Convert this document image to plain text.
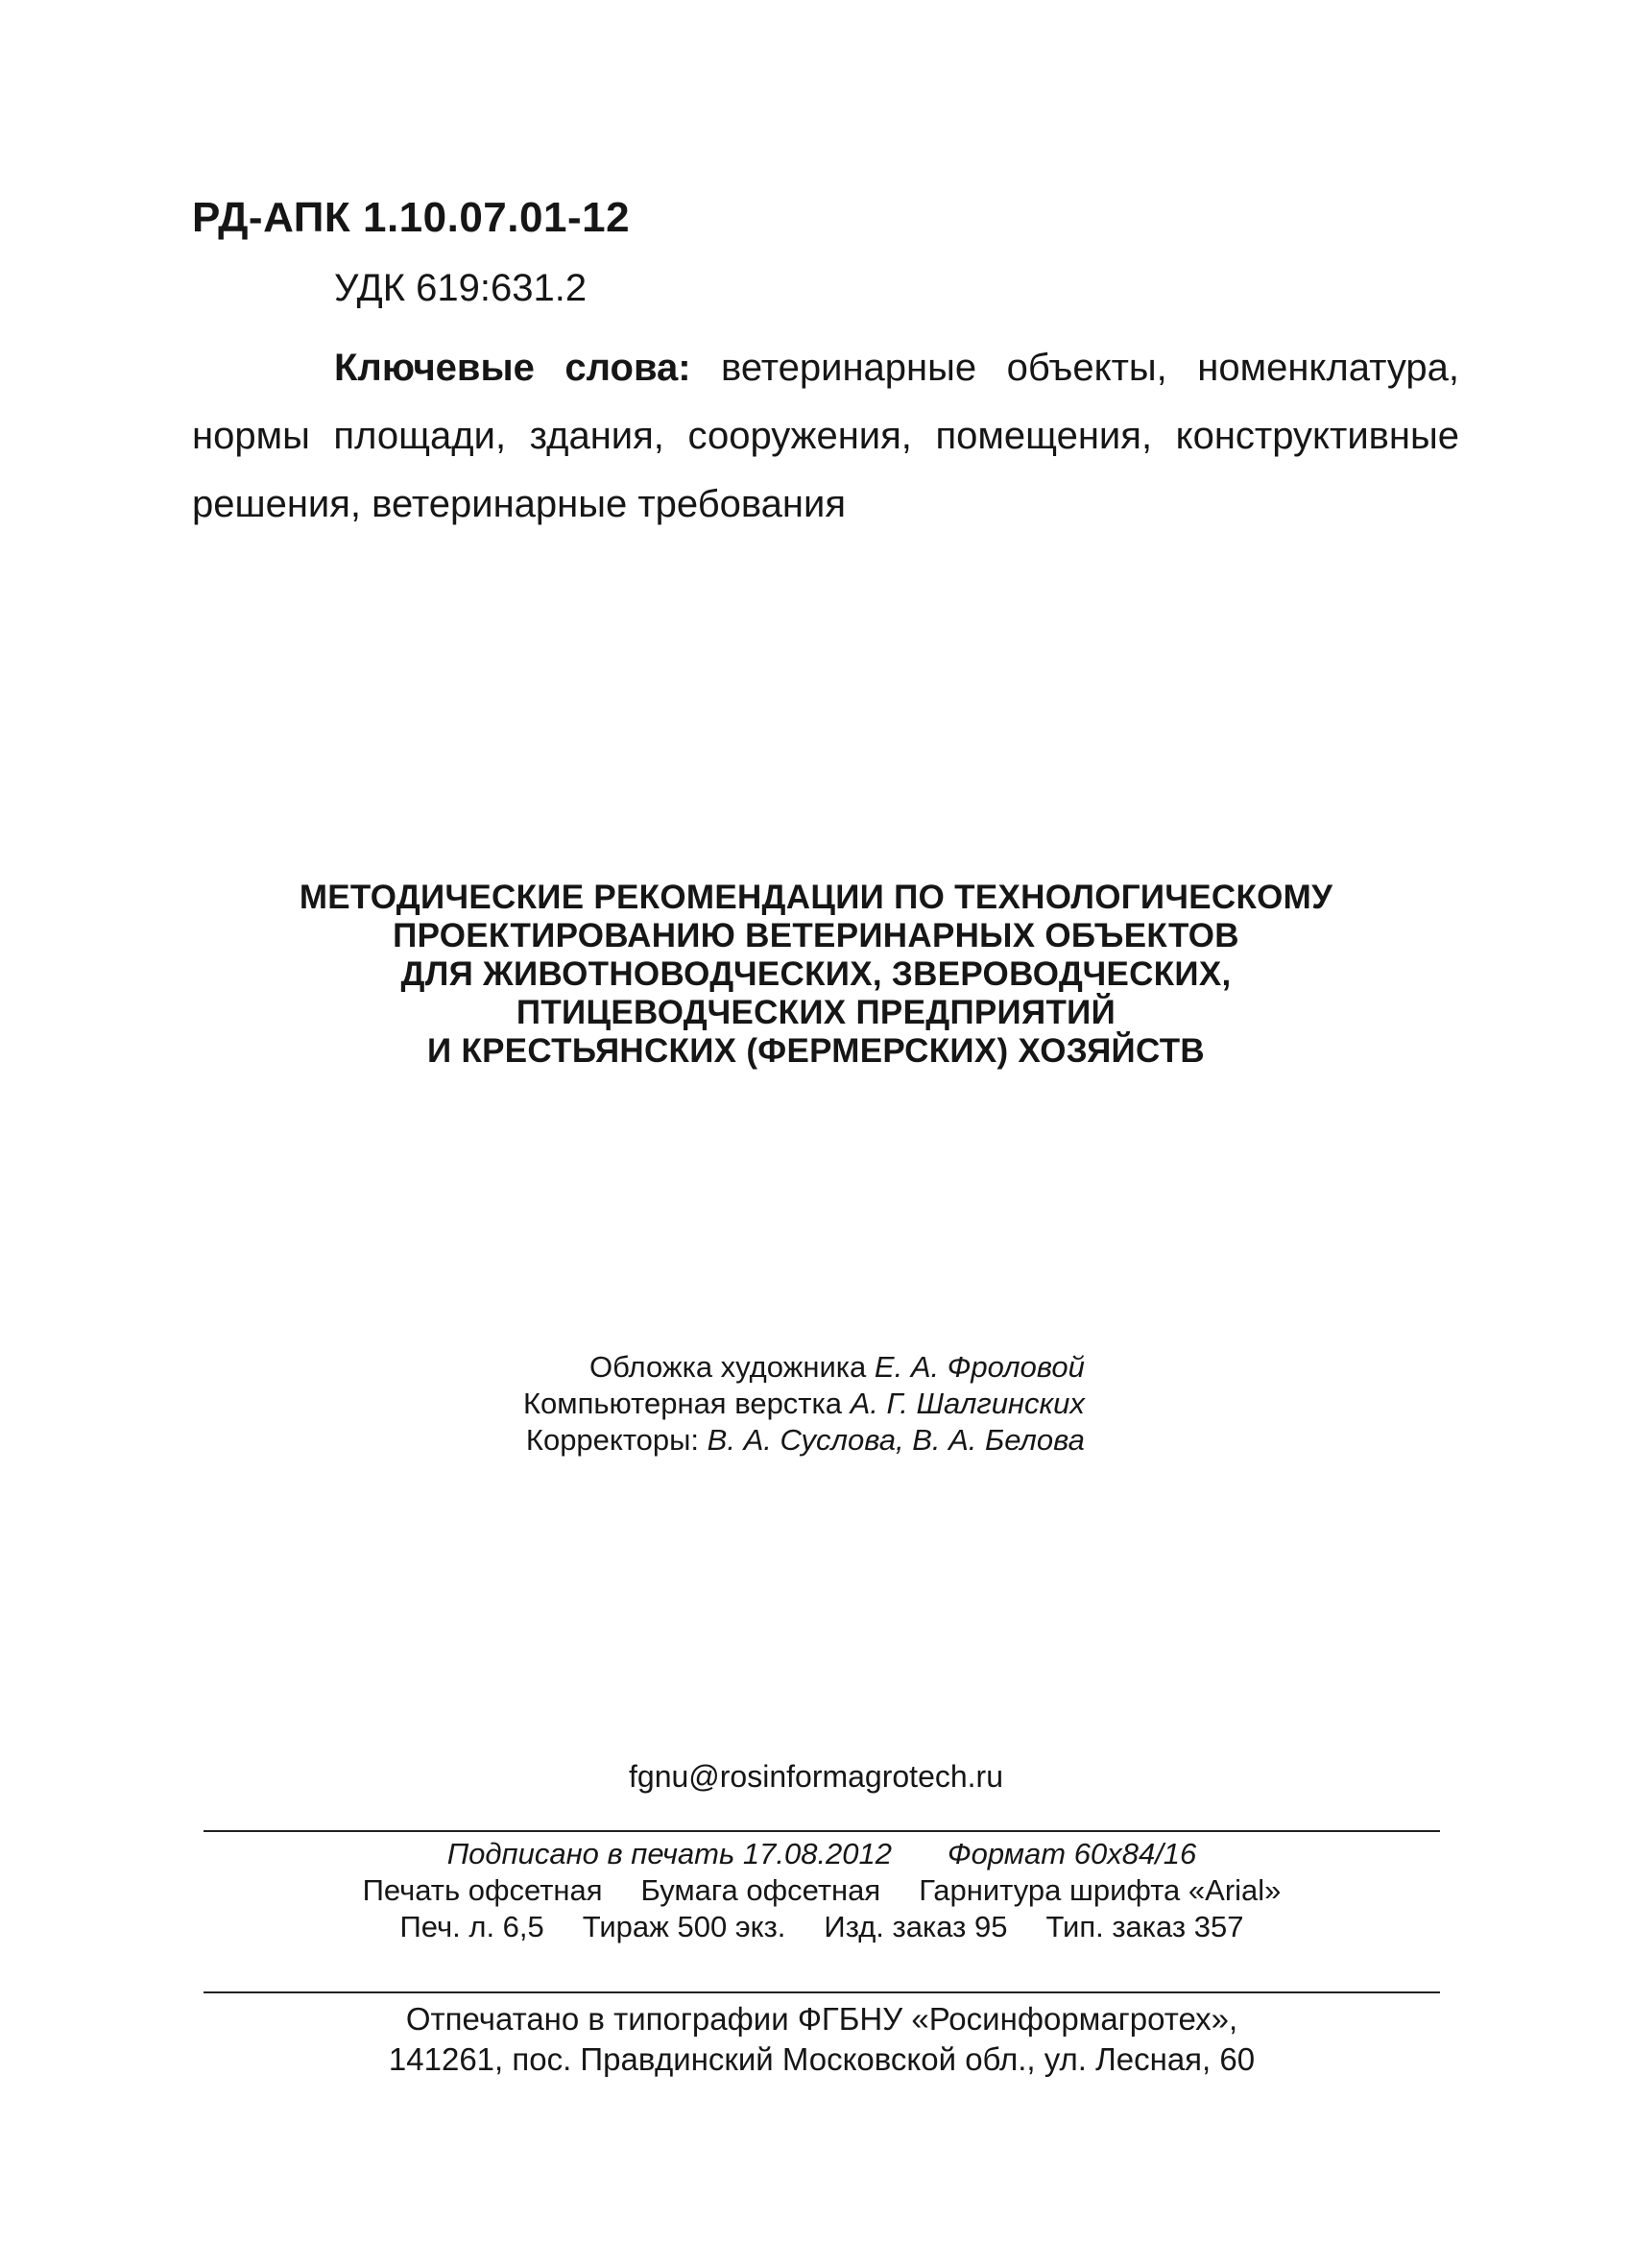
РД-АПК 1.10.07.01-12
УДК 619:631.2
Ключевые слова: ветеринарные объекты, номенклатура, нормы площади, здания, сооружения, помещения, конструктивные решения, ветеринарные требования
МЕТОДИЧЕСКИЕ РЕКОМЕНДАЦИИ ПО ТЕХНОЛОГИЧЕСКОМУ
ПРОЕКТИРОВАНИЮ ВЕТЕРИНАРНЫХ ОБЪЕКТОВ
ДЛЯ ЖИВОТНОВОДЧЕСКИХ, ЗВЕРОВОДЧЕСКИХ,
ПТИЦЕВОДЧЕСКИХ ПРЕДПРИЯТИЙ
И КРЕСТЬЯНСКИХ (ФЕРМЕРСКИХ) ХОЗЯЙСТВ
Обложка художника Е. А. Фроловой
Компьютерная верстка А. Г. Шалгинских
Корректоры: В. А. Суслова, В. А. Белова
fgnu@rosinformagrotech.ru
Подписано в печать 17.08.2012 Формат 60x84/16
Печать офсетная Бумага офсетная Гарнитура шрифта «Arial»
Печ. л. 6,5 Тираж 500 экз. Изд. заказ 95 Тип. заказ 357
Отпечатано в типографии ФГБНУ «Росинформагротех»,
141261, пос. Правдинский Московской обл., ул. Лесная, 60
